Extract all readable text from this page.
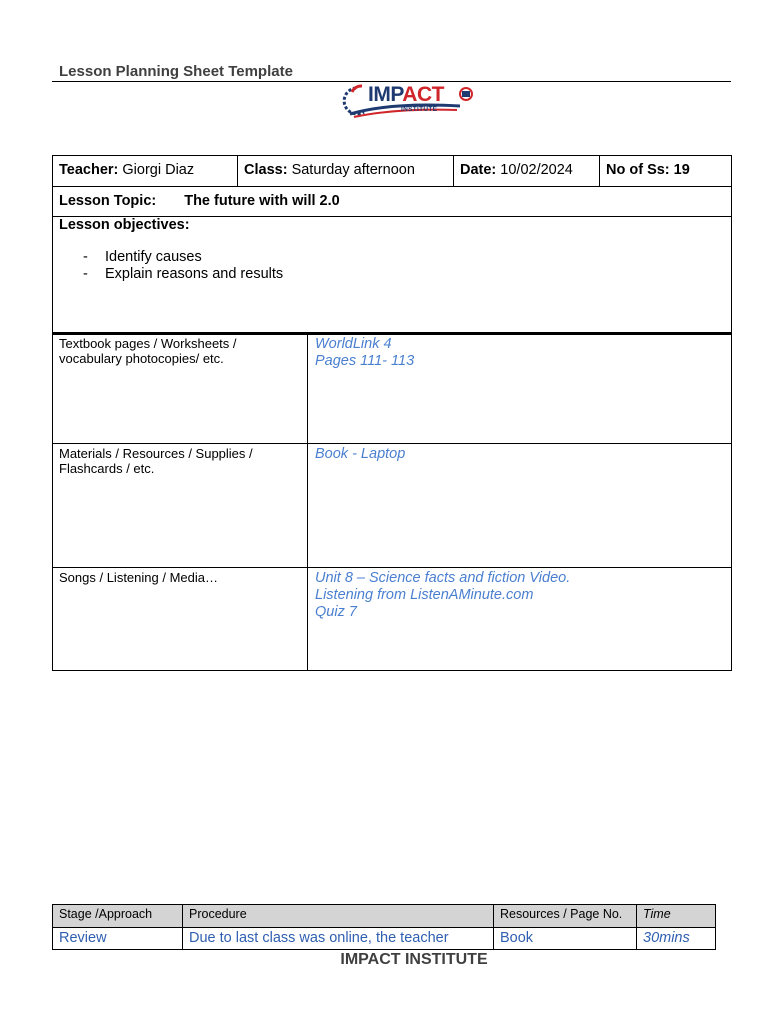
Lesson Planning Sheet Template
IMPACT
INSTITUTE
Teacher: Giorgi Diaz	Class: Saturday afternoon	Date: 10/02/2024	No of Ss: 19
Lesson Topic: The future with will 2.0
Lesson objectives:
- Identify causes
- Explain reasons and results
Textbook pages / Worksheets / vocabulary photocopies/ etc.	WorldLink 4
Pages 111- 113

Materials / Resources / Supplies / Flashcards / etc.	Book - Laptop

Songs / Listening / Media…	Unit 8 – Science facts and fiction Video.
Listening from ListenAMinute.com
Quiz 7
Stage /Approach	Procedure	Resources / Page No.	Time
Review	Due to last class was online, the teacher	Book	30mins
IMPACT INSTITUTE
